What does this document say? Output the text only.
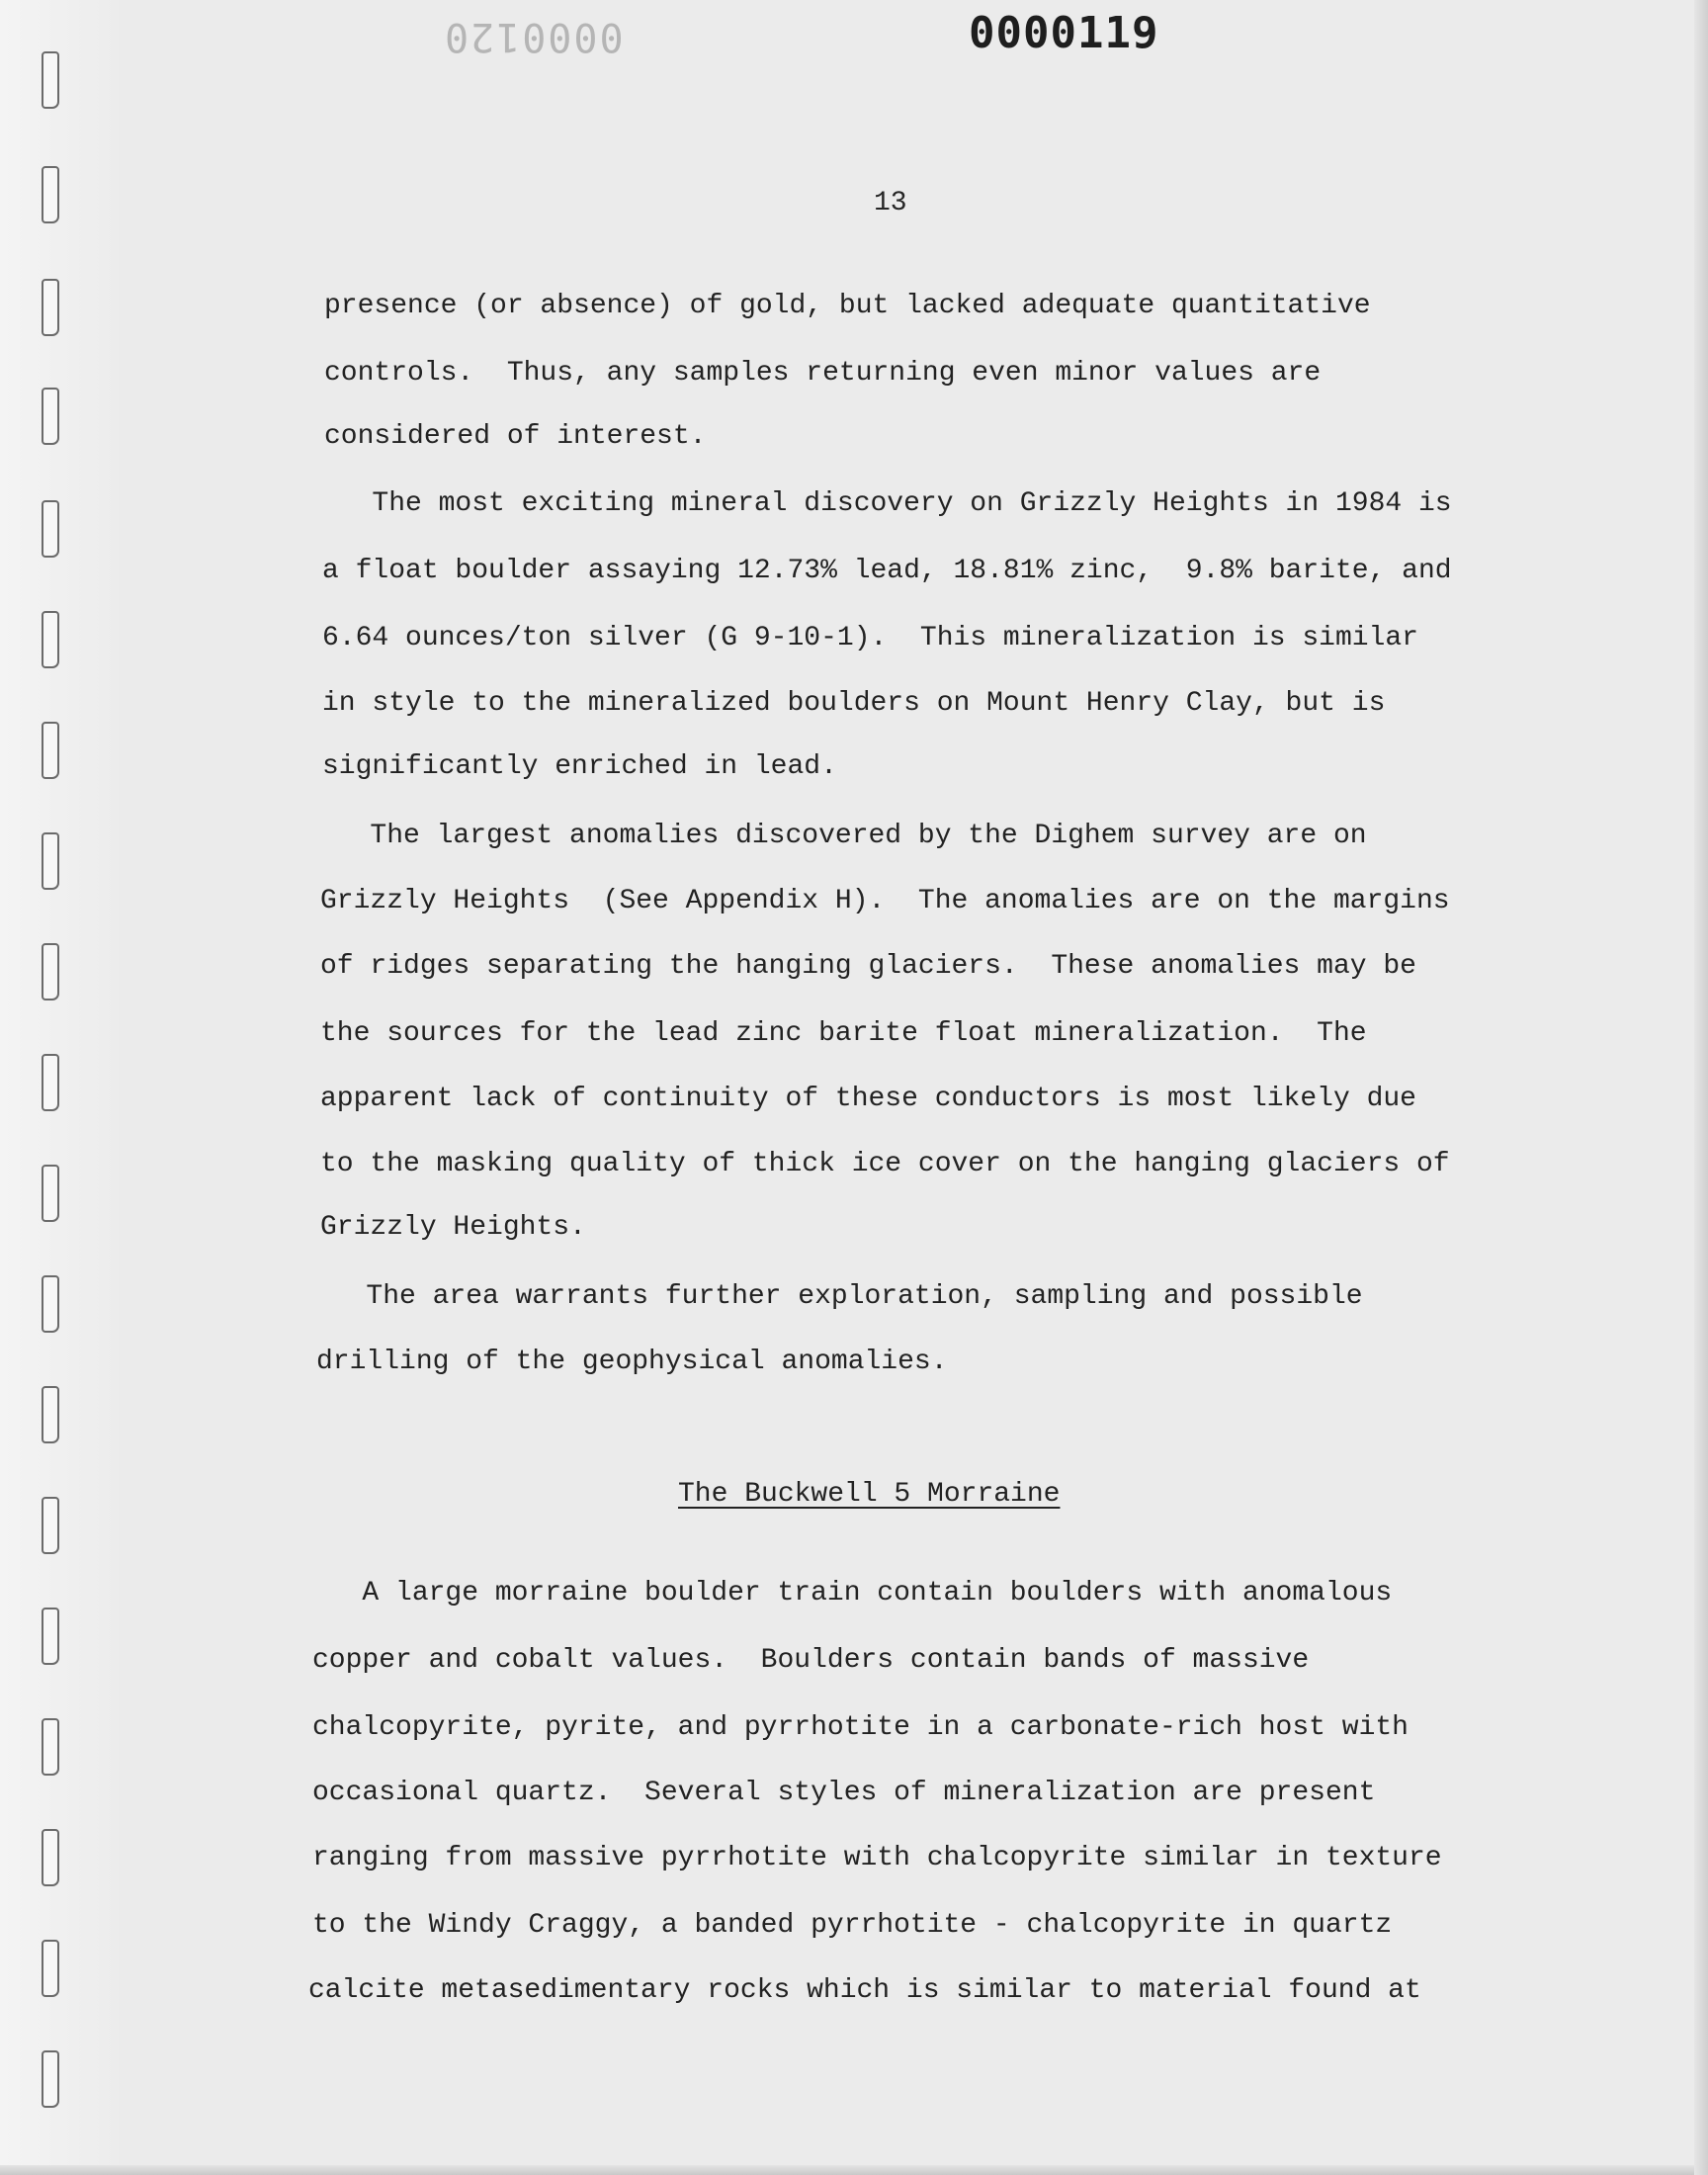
0000120	0000119
13
presence (or absence) of gold, but lacked adequate quantitative
controls.  Thus, any samples returning even minor values are
considered of interest.
The most exciting mineral discovery on Grizzly Heights in 1984 is
a float boulder assaying 12.73% lead, 18.81% zinc,  9.8% barite, and
6.64 ounces/ton silver (G 9-10-1).  This mineralization is similar
in style to the mineralized boulders on Mount Henry Clay, but is
significantly enriched in lead.
The largest anomalies discovered by the Dighem survey are on
Grizzly Heights  (See Appendix H).  The anomalies are on the margins
of ridges separating the hanging glaciers.  These anomalies may be
the sources for the lead zinc barite float mineralization.  The
apparent lack of continuity of these conductors is most likely due
to the masking quality of thick ice cover on the hanging glaciers of
Grizzly Heights.
The area warrants further exploration, sampling and possible
drilling of the geophysical anomalies.
The Buckwell 5 Morraine
A large morraine boulder train contain boulders with anomalous
copper and cobalt values.  Boulders contain bands of massive
chalcopyrite, pyrite, and pyrrhotite in a carbonate-rich host with
occasional quartz.  Several styles of mineralization are present
ranging from massive pyrrhotite with chalcopyrite similar in texture
to the Windy Craggy, a banded pyrrhotite - chalcopyrite in quartz
calcite metasedimentary rocks which is similar to material found at
